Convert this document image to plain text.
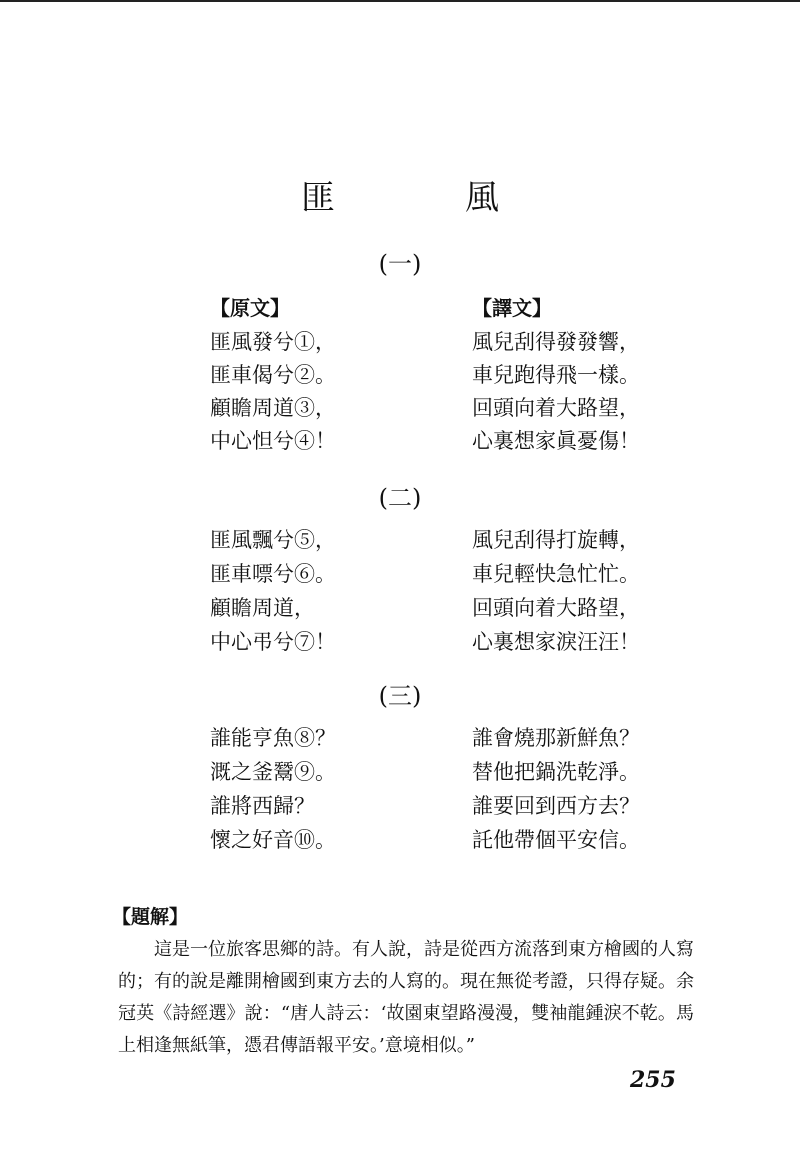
匪　風
(一)
【原文】	【譯文】
匪風發兮①，
匪車偈兮②。
顧瞻周道③，
中心怛兮④！
風兒刮得發發響，
車兒跑得飛一樣。
回頭向着大路望，
心裏想家眞憂傷！
(二)
匪風飄兮⑤，
匪車嘌兮⑥。
顧瞻周道，
中心弔兮⑦！
風兒刮得打旋轉，
車兒輕快急忙忙。
回頭向着大路望，
心裏想家淚汪汪！
(三)
誰能亨魚⑧？
溉之釜鬵⑨。
誰將西歸？
懷之好音⑩。
誰會燒那新鮮魚？
替他把鍋洗乾淨。
誰要回到西方去？
託他帶個平安信。
【題解】

這是一位旅客思鄉的詩。有人說，詩是從西方流落到東方檜國的人寫的；有的說是離開檜國到東方去的人寫的。現在無從考證，只得存疑。余冠英《詩經選》說：“唐人詩云：‘故園東望路漫漫，雙袖龍鍾淚不乾。馬上相逢無紙筆，憑君傳語報平安。’意境相似。”

255
